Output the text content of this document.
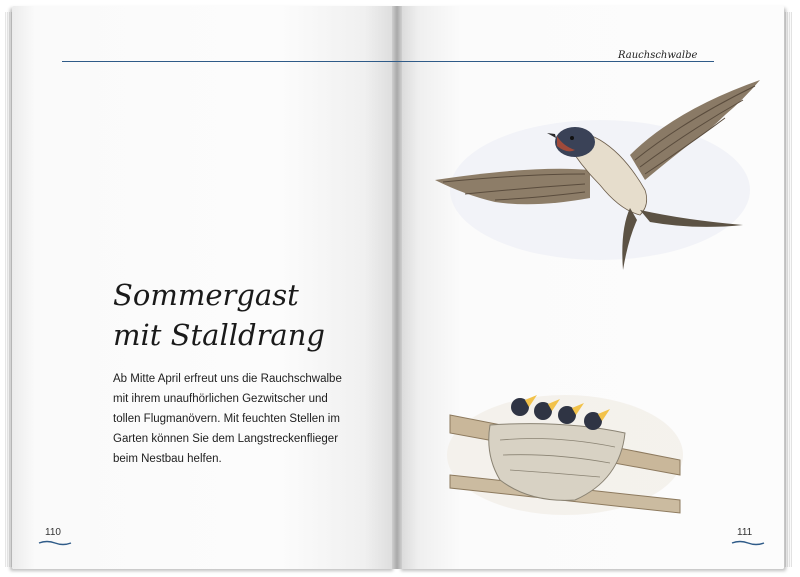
Rauchschwalbe
Sommergast
mit Stalldrang
Ab Mitte April erfreut uns die Rauchschwalbe
mit ihrem unaufhörlichen Gezwitscher und
tollen Flugmanövern. Mit feuchten Stellen im
Garten können Sie dem Langstreckenflieger
beim Nestbau helfen.
110	111
